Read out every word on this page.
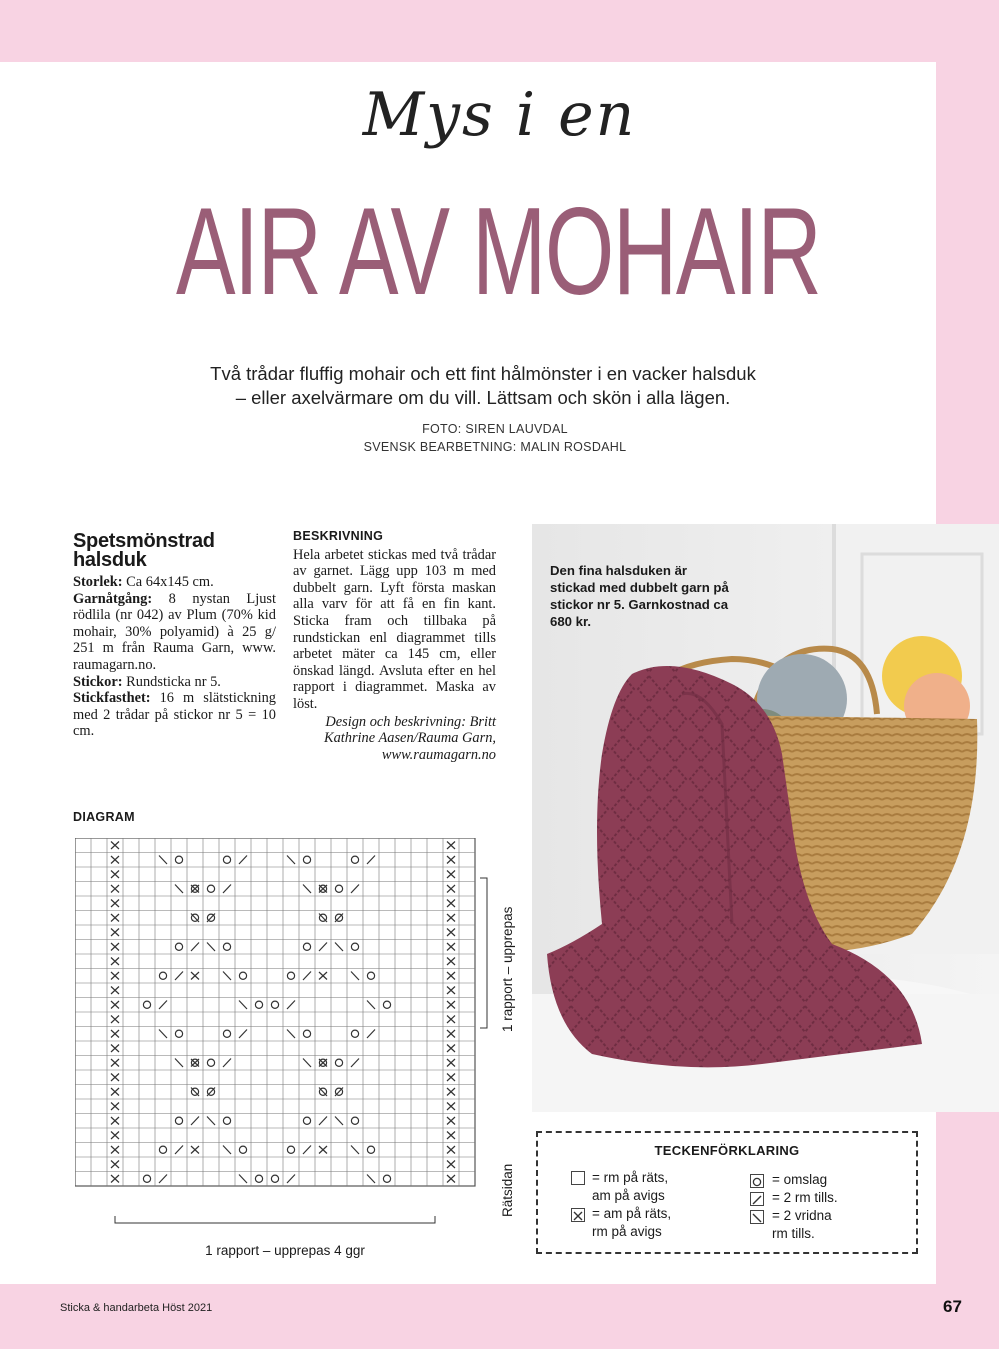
Mys i en
AIR AV MOHAIR
Två trådar fluffig mohair och ett fint hålmönster i en vacker halsduk
– eller axelvärmare om du vill. Lättsam och skön i alla lägen.
FOTO: SIREN LAUVDAL
SVENSK BEARBETNING: MALIN ROSDAHL
Spetsmönstrad halsduk
Storlek: Ca 64x145 cm.
Garnåtgång: 8 nystan Ljust rödlila (nr 042) av Plum (70% kid mohair, 30% polyamid) à 25 g/ 251 m från Rauma Garn, www. raumagarn.no.
Stickor: Rundsticka nr 5.
Stickfasthet: 16 m slätstickning med 2 trådar på stickor nr 5 = 10 cm.
BESKRIVNING
Hela arbetet stickas med två trådar av garnet. Lägg upp 103 m med dubbelt garn. Lyft första maskan alla varv för att få en fin kant. Sticka fram och tillbaka på rundstickan enl diagrammet tills arbetet mäter ca 145 cm, eller önskad längd. Avsluta efter en hel rapport i diagrammet. Maska av löst.
Design och beskrivning: Britt
Kathrine Aasen/Rauma Garn,
www.raumagarn.no
Den fina halsduken är stickad med dubbelt garn på stickor nr 5. Garnkostnad ca 680 kr.
DIAGRAM
1 rapport – upprepas
Rätsidan
1 rapport – upprepas 4 ggr
TECKENFÖRKLARING
= rm på räts,
am på avigs
= am på räts,
rm på avigs
= omslag
= 2 rm tills.
= 2 vridna
rm tills.
Sticka & handarbeta Höst 2021	67
